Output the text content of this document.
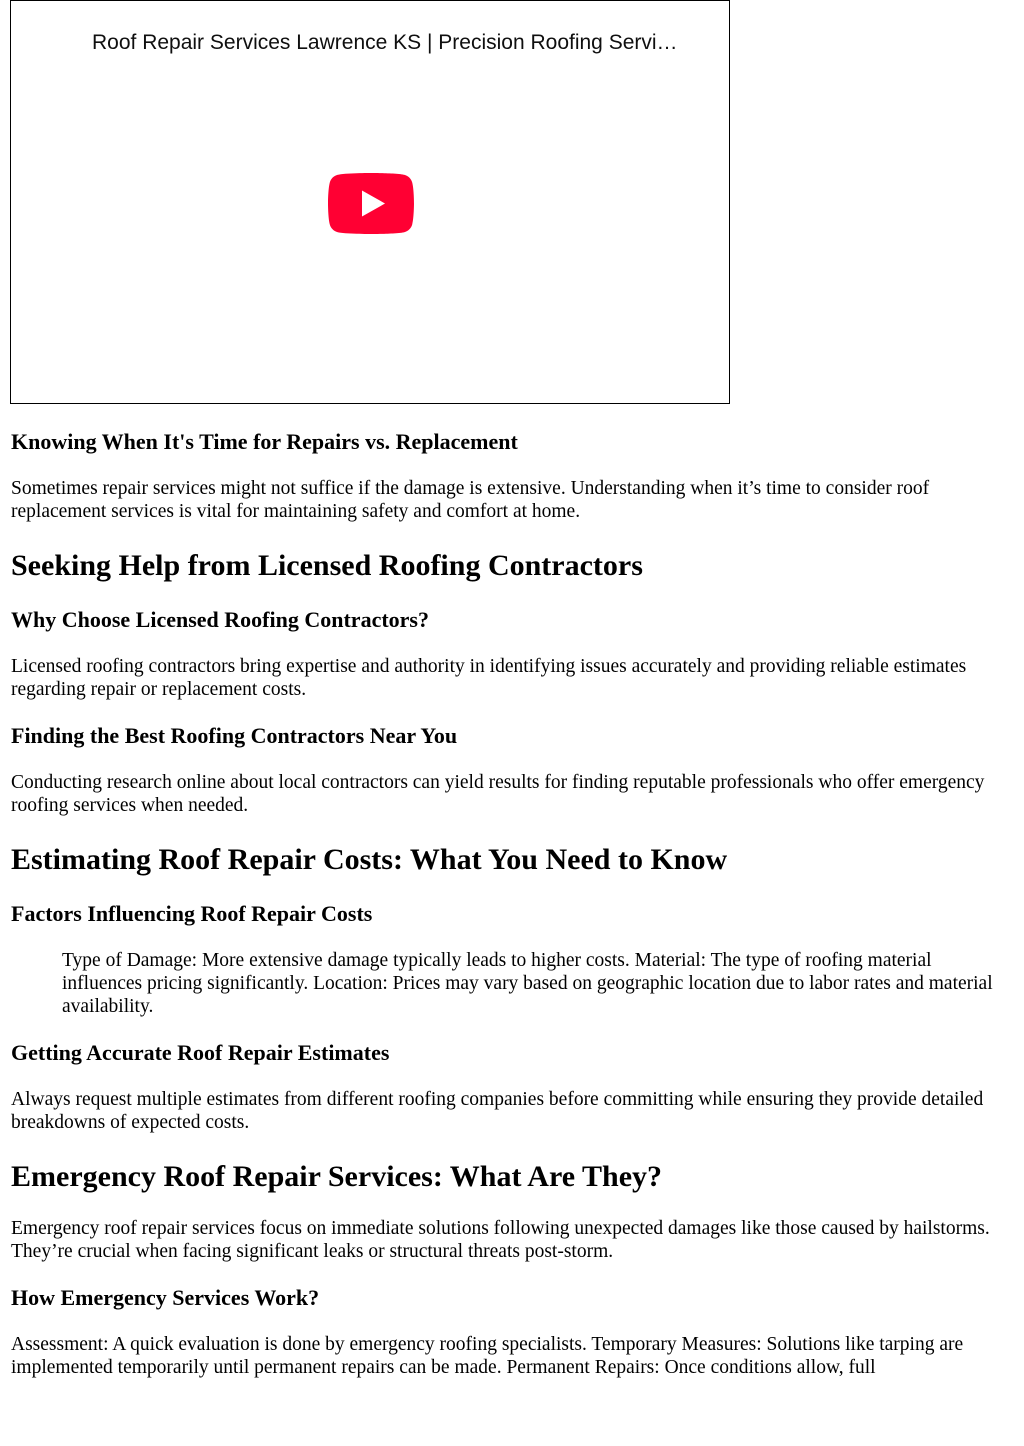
Roof Repair Services Lawrence KS | Precision Roofing Servi…
Knowing When It's Time for Repairs vs. Replacement

Sometimes repair services might not suffice if the damage is extensive. Understanding when it’s time to consider roof replacement services is vital for maintaining safety and comfort at home.

Seeking Help from Licensed Roofing Contractors
Why Choose Licensed Roofing Contractors?

Licensed roofing contractors bring expertise and authority in identifying issues accurately and providing reliable estimates regarding repair or replacement costs.

Finding the Best Roofing Contractors Near You

Conducting research online about local contractors can yield results for finding reputable professionals who offer emergency roofing services when needed.

Estimating Roof Repair Costs: What You Need to Know
Factors Influencing Roof Repair Costs
Type of Damage: More extensive damage typically leads to higher costs. Material: The type of roofing material influences pricing significantly. Location: Prices may vary based on geographic location due to labor rates and material availability.
Getting Accurate Roof Repair Estimates

Always request multiple estimates from different roofing companies before committing while ensuring they provide detailed breakdowns of expected costs.

Emergency Roof Repair Services: What Are They?

Emergency roof repair services focus on immediate solutions following unexpected damages like those caused by hailstorms. They’re crucial when facing significant leaks or structural threats post-storm.

How Emergency Services Work?

Assessment: A quick evaluation is done by emergency roofing specialists. Temporary Measures: Solutions like tarping are implemented temporarily until permanent repairs can be made. Permanent Repairs: Once conditions allow, full
